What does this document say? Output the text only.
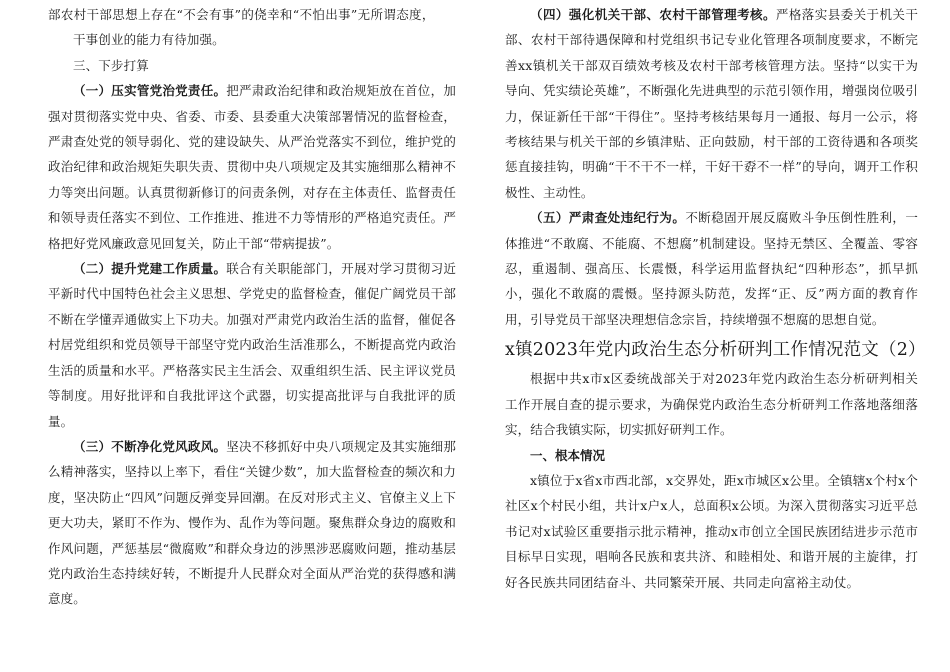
部农村干部思想上存在“不会有事”的侥幸和“不怕出事”无所谓态度，

干事创业的能力有待加强。

三、下步打算

（一）压实管党治党责任。把严肃政治纪律和政治规矩放在首位，加强对贯彻落实党中央、省委、市委、县委重大决策部署情况的监督检查，严肃查处党的领导弱化、党的建设缺失、从严治党落实不到位，维护党的政治纪律和政治规矩失职失责、贯彻中央八项规定及其实施细那么精神不力等突出问题。认真贯彻新修订的问责条例，对存在主体责任、监督责任和领导责任落实不到位、工作推进、推进不力等情形的严格追究责任。严格把好党风廉政意见回复关，防止干部“带病提拔”。

（二）提升党建工作质量。联合有关职能部门，开展对学习贯彻习近平新时代中国特色社会主义思想、学党史的监督检查，催促广阔党员干部不断在学懂弄通做实上下功夫。加强对严肃党内政治生活的监督，催促各村居党组织和党员领导干部坚守党内政治生活准那么，不断提高党内政治生活的质量和水平。严格落实民主生活会、双重组织生活、民主评议党员等制度。用好批评和自我批评这个武器，切实提高批评与自我批评的质量。

（三）不断净化党风政风。坚决不移抓好中央八项规定及其实施细那么精神落实，坚持以上率下，看住“关键少数”，加大监督检查的频次和力度，坚决防止“四风”问题反弹变异回潮。在反对形式主义、官僚主义上下更大功夫，紧盯不作为、慢作为、乱作为等问题。聚焦群众身边的腐败和作风问题，严惩基层“微腐败”和群众身边的涉黑涉恶腐败问题，推动基层党内政治生态持续好转，不断提升人民群众对全面从严治党的获得感和满意度。

（四）强化机关干部、农村干部管理考核。严格落实县委关于机关干部、农村干部待遇保障和村党组织书记专业化管理各项制度要求，不断完善xx镇机关干部双百绩效考核及农村干部考核管理方法。坚持“以实干为导向、凭实绩论英雄”，不断强化先进典型的示范引领作用，增强岗位吸引力，保证新任干部“干得住”。坚持考核结果每月一通报、每月一公示，将考核结果与机关干部的乡镇津贴、正向鼓励，村干部的工资待遇和各项奖惩直接挂钩，明确“干不干不一样，干好干孬不一样”的导向，调开工作积极性、主动性。

（五）严肃查处违纪行为。不断稳固开展反腐败斗争压倒性胜利，一体推进“不敢腐、不能腐、不想腐”机制建设。坚持无禁区、全覆盖、零容忍，重遏制、强高压、长震慑，科学运用监督执纪“四种形态”，抓早抓小，强化不敢腐的震慑。坚持源头防范，发挥“正、反”两方面的教育作用，引导党员干部坚决理想信念宗旨，持续增强不想腐的思想自觉。

x镇2023年党内政治生态分析研判工作情况范文（2）

根据中共x市x区委统战部关于对2023年党内政治生态分析研判相关工作开展自查的提示要求，为确保党内政治生态分析研判工作落地落细落实，结合我镇实际，切实抓好研判工作。

一、根本情况

x镇位于x省x市西北部，x交界处，距x市城区x公里。全镇辖x个村x个社区x个村民小组，共计x户x人，总面积x公顷。为深入贯彻落实习近平总书记对x试验区重要指示批示精神，推动x市创立全国民族团结进步示范市目标早日实现，唱响各民族和衷共济、和睦相处、和谐开展的主旋律，打好各民族共同团结奋斗、共同繁荣开展、共同走向富裕主动仗。
